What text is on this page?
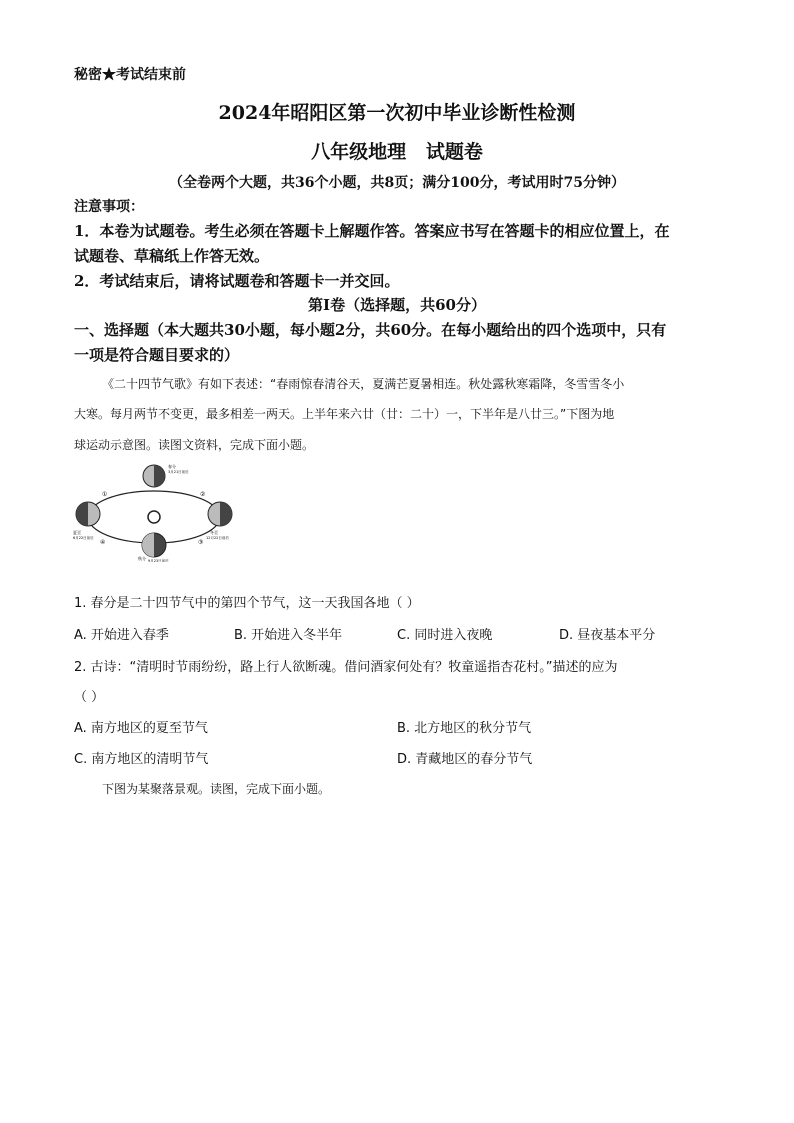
秘密★考试结束前
2024年昭阳区第一次初中毕业诊断性检测
八年级地理   试题卷
（全卷两个大题，共36个小题，共8页；满分100分，考试用时75分钟）
注意事项：
1．本卷为试题卷。考生必须在答题卡上解题作答。答案应书写在答题卡的相应位置上，在
试题卷、草稿纸上作答无效。
2．考试结束后，请将试题卷和答题卡一并交回。
第Ⅰ卷（选择题，共60分）
一、选择题（本大题共30小题，每小题2分，共60分。在每小题给出的四个选项中，只有
一项是符合题目要求的）
《二十四节气歌》有如下表述：“春雨惊春清谷天，夏满芒夏暑相连。秋处露秋寒霜降，冬雪雪冬小
大寒。每月两节不变更，最多相差一两天。上半年来六廿（廿：二十）一，下半年是八廿三。”下图为地
球运动示意图。读图文资料，完成下面小题。
春分
3月21日前后
夏至
6月22日前后
冬至
12月22日前后
秋分 9月23日前后
①	②
③
④
1. 春分是二十四节气中的第四个节气，这一天我国各地（ ）
A. 开始进入春季	B. 开始进入冬半年	C. 同时进入夜晚	D. 昼夜基本平分
2. 古诗：“清明时节雨纷纷，路上行人欲断魂。借问酒家何处有？牧童遥指杏花村。”描述的应为
（ ）
A. 南方地区的夏至节气	B. 北方地区的秋分节气
C. 南方地区的清明节气	D. 青藏地区的春分节气
下图为某聚落景观。读图，完成下面小题。
